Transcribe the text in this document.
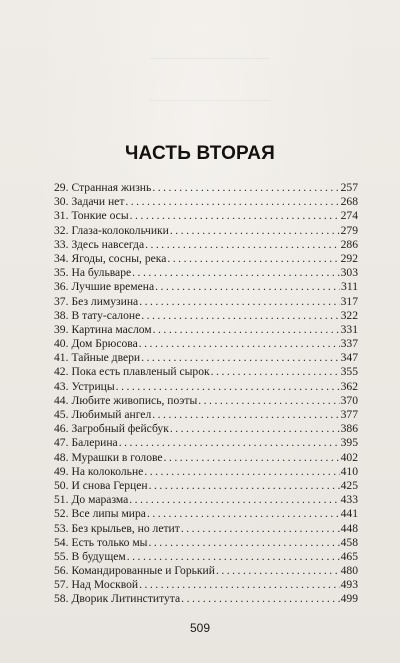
ЧАСТЬ ВТОРАЯ
29. Странная жизнь . . .	257
30. Задачи нет . . .	268
31. Тонкие осы . . .	274
32. Глаза-колокольчики . . .	279
33. Здесь навсегда . . .	286
34. Ягоды, сосны, река . . .	292
35. На бульваре . . .	303
36. Лучшие времена . . .	311
37. Без лимузина . . .	317
38. В тату-салоне . . .	322
39. Картина маслом . . .	331
40. Дом Брюсова . . .	337
41. Тайные двери . . .	347
42. Пока есть плавленый сырок . . .	355
43. Устрицы . . .	362
44. Любите живопись, поэты . . .	370
45. Любимый ангел . . .	377
46. Загробный фейсбук . . .	386
47. Балерина . . .	395
48. Мурашки в голове . . .	402
49. На колокольне . . .	410
50. И снова Герцен . . .	425
51. До маразма . . .	433
52. Все липы мира . . .	441
53. Без крыльев, но летит . . .	448
54. Есть только мы . . .	458
55. В будущем . . .	465
56. Командированные и Горький . . .	480
57. Над Москвой . . .	493
58. Дворик Литинститута . . .	499
509
